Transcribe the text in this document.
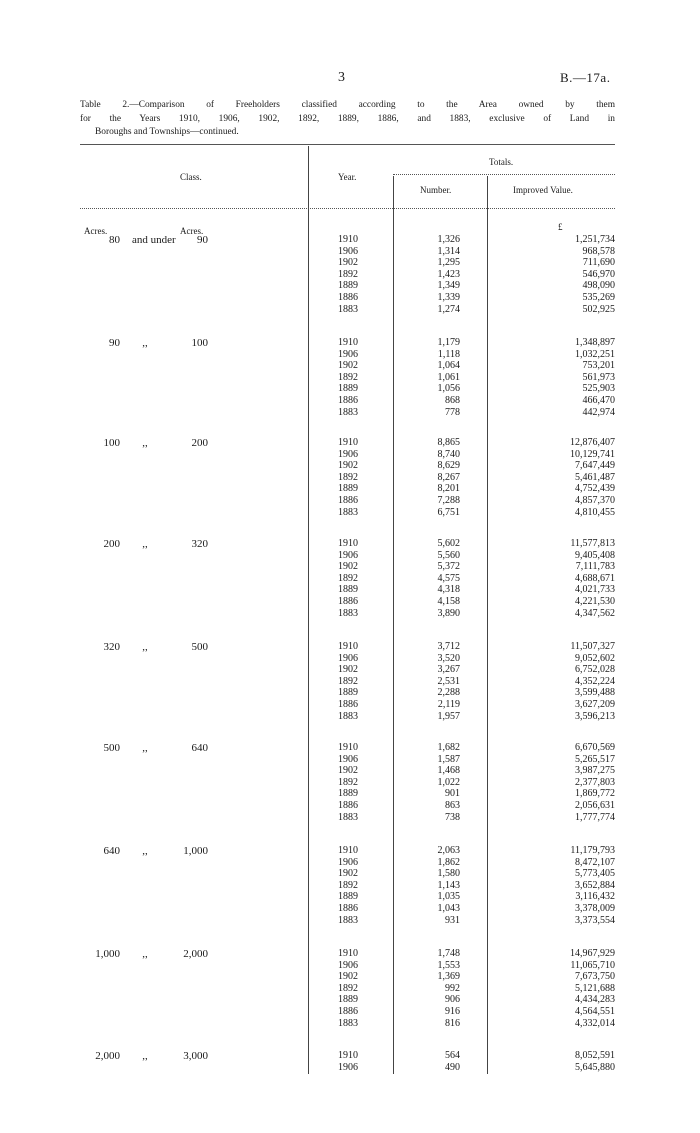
3	B.—17a.
Table 2.—Comparison of Freeholders classified according to the Area owned by them
for the Years 1910, 1906, 1902, 1892, 1889, 1886, and 1883, exclusive of Land in
Boroughs and Townships—continued.
Class.	Year.
Totals.
Number.	Improved Value.
Acres.	Acres.	£
80 and under	90	1910	1,326	1,251,734
1906	1,314	968,578
1902	1,295	711,690
1892	1,423	546,970
1889	1,349	498,090
1886	1,339	535,269
1883	1,274	502,925
90	,,	100	1910	1,179	1,348,897
1906	1,118	1,032,251
1902	1,064	753,201
1892	1,061	561,973
1889	1,056	525,903
1886	868	466,470
1883	778	442,974
100	,,	200	1910	8,865	12,876,407
1906	8,740	10,129,741
1902	8,629	7,647,449
1892	8,267	5,461,487
1889	8,201	4,752,439
1886	7,288	4,857,370
1883	6,751	4,810,455
200	,,	320	1910	5,602	11,577,813
1906	5,560	9,405,408
1902	5,372	7,111,783
1892	4,575	4,688,671
1889	4,318	4,021,733
1886	4,158	4,221,530
1883	3,890	4,347,562
320	,,	500	1910	3,712	11,507,327
1906	3,520	9,052,602
1902	3,267	6,752,028
1892	2,531	4,352,224
1889	2,288	3,599,488
1886	2,119	3,627,209
1883	1,957	3,596,213
500	,,	640	1910	1,682	6,670,569
1906	1,587	5,265,517
1902	1,468	3,987,275
1892	1,022	2,377,803
1889	901	1,869,772
1886	863	2,056,631
1883	738	1,777,774
640	,,	1,000	1910	2,063	11,179,793
1906	1,862	8,472,107
1902	1,580	5,773,405
1892	1,143	3,652,884
1889	1,035	3,116,432
1886	1,043	3,378,009
1883	931	3,373,554
1,000	,,	2,000	1910	1,748	14,967,929
1906	1,553	11,065,710
1902	1,369	7,673,750
1892	992	5,121,688
1889	906	4,434,283
1886	916	4,564,551
1883	816	4,332,014
2,000	,,	3,000	1910	564	8,052,591
1906	490	5,645,880
